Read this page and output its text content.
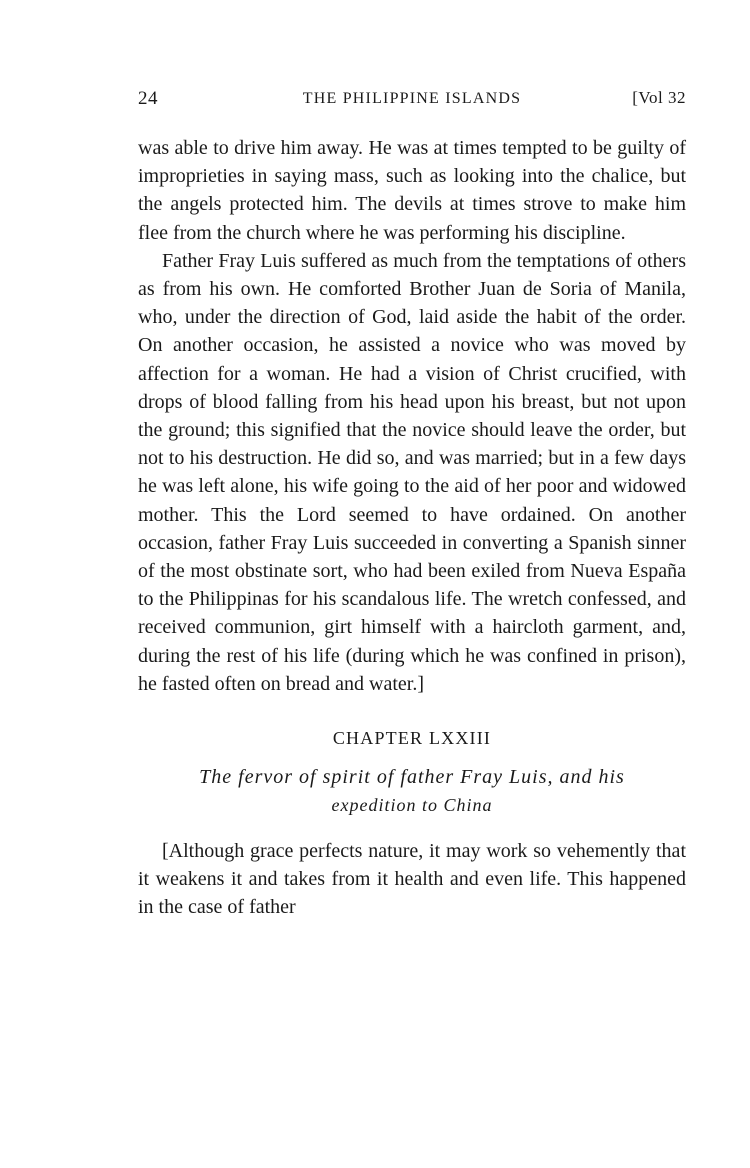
24	THE PHILIPPINE ISLANDS	[Vol 32

was able to drive him away. He was at times tempted to be guilty of improprieties in saying mass, such as looking into the chalice, but the angels protected him. The devils at times strove to make him flee from the church where he was performing his discipline.

Father Fray Luis suffered as much from the temptations of others as from his own. He comforted Brother Juan de Soria of Manila, who, under the direction of God, laid aside the habit of the order. On another occasion, he assisted a novice who was moved by affection for a woman. He had a vision of Christ crucified, with drops of blood falling from his head upon his breast, but not upon the ground; this signified that the novice should leave the order, but not to his destruction. He did so, and was married; but in a few days he was left alone, his wife going to the aid of her poor and widowed mother. This the Lord seemed to have ordained. On another occasion, father Fray Luis succeeded in converting a Spanish sinner of the most obstinate sort, who had been exiled from Nueva España to the Philippinas for his scandalous life. The wretch confessed, and received communion, girt himself with a haircloth garment, and, during the rest of his life (during which he was confined in prison), he fasted often on bread and water.]

CHAPTER LXXIII
The fervor of spirit of father Fray Luis, and his
expedition to China

[Although grace perfects nature, it may work so vehemently that it weakens it and takes from it health and even life. This happened in the case of father
